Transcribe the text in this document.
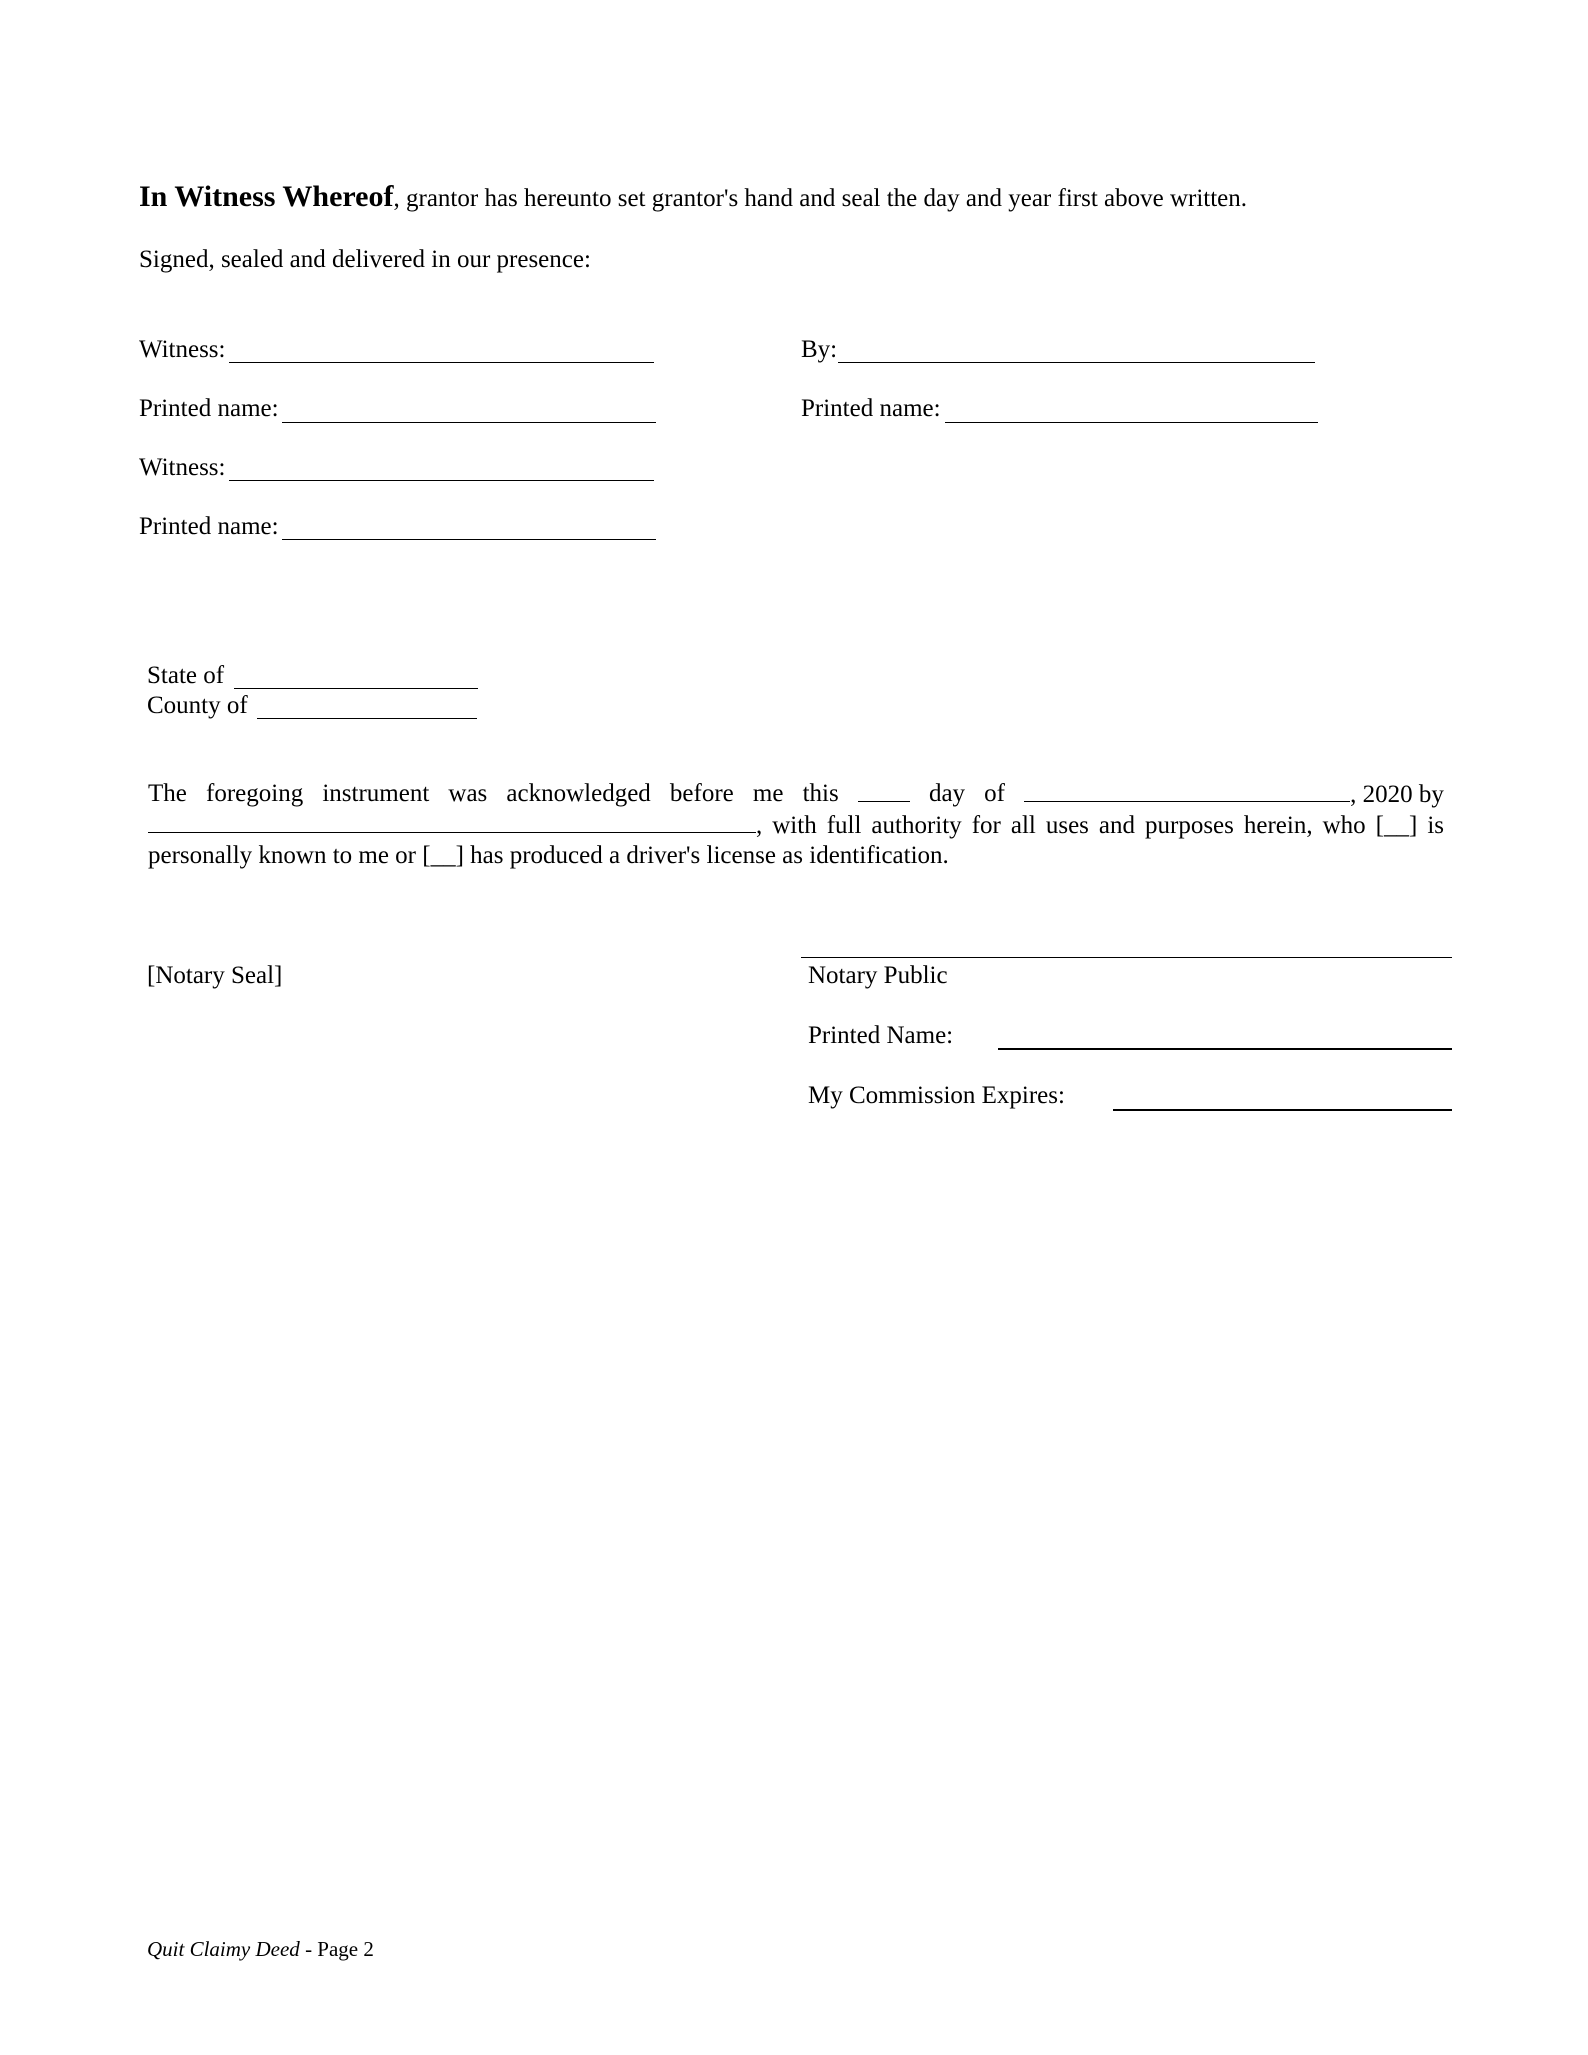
In Witness Whereof, grantor has hereunto set grantor's hand and seal the day and year first above written.
Signed, sealed and delivered in our presence:
Witness:
Printed name:
Witness:
Printed name:
By:
Printed name:
State of
County of
The foregoing instrument was acknowledged before me this	day of	, 2020 by
, with full authority for all uses and purposes herein, who [__] is
personally known to me or [__] has produced a driver's license as identification.
[Notary Seal]	Notary Public
Printed Name:
My Commission Expires:
Quit Claimy Deed - Page 2
